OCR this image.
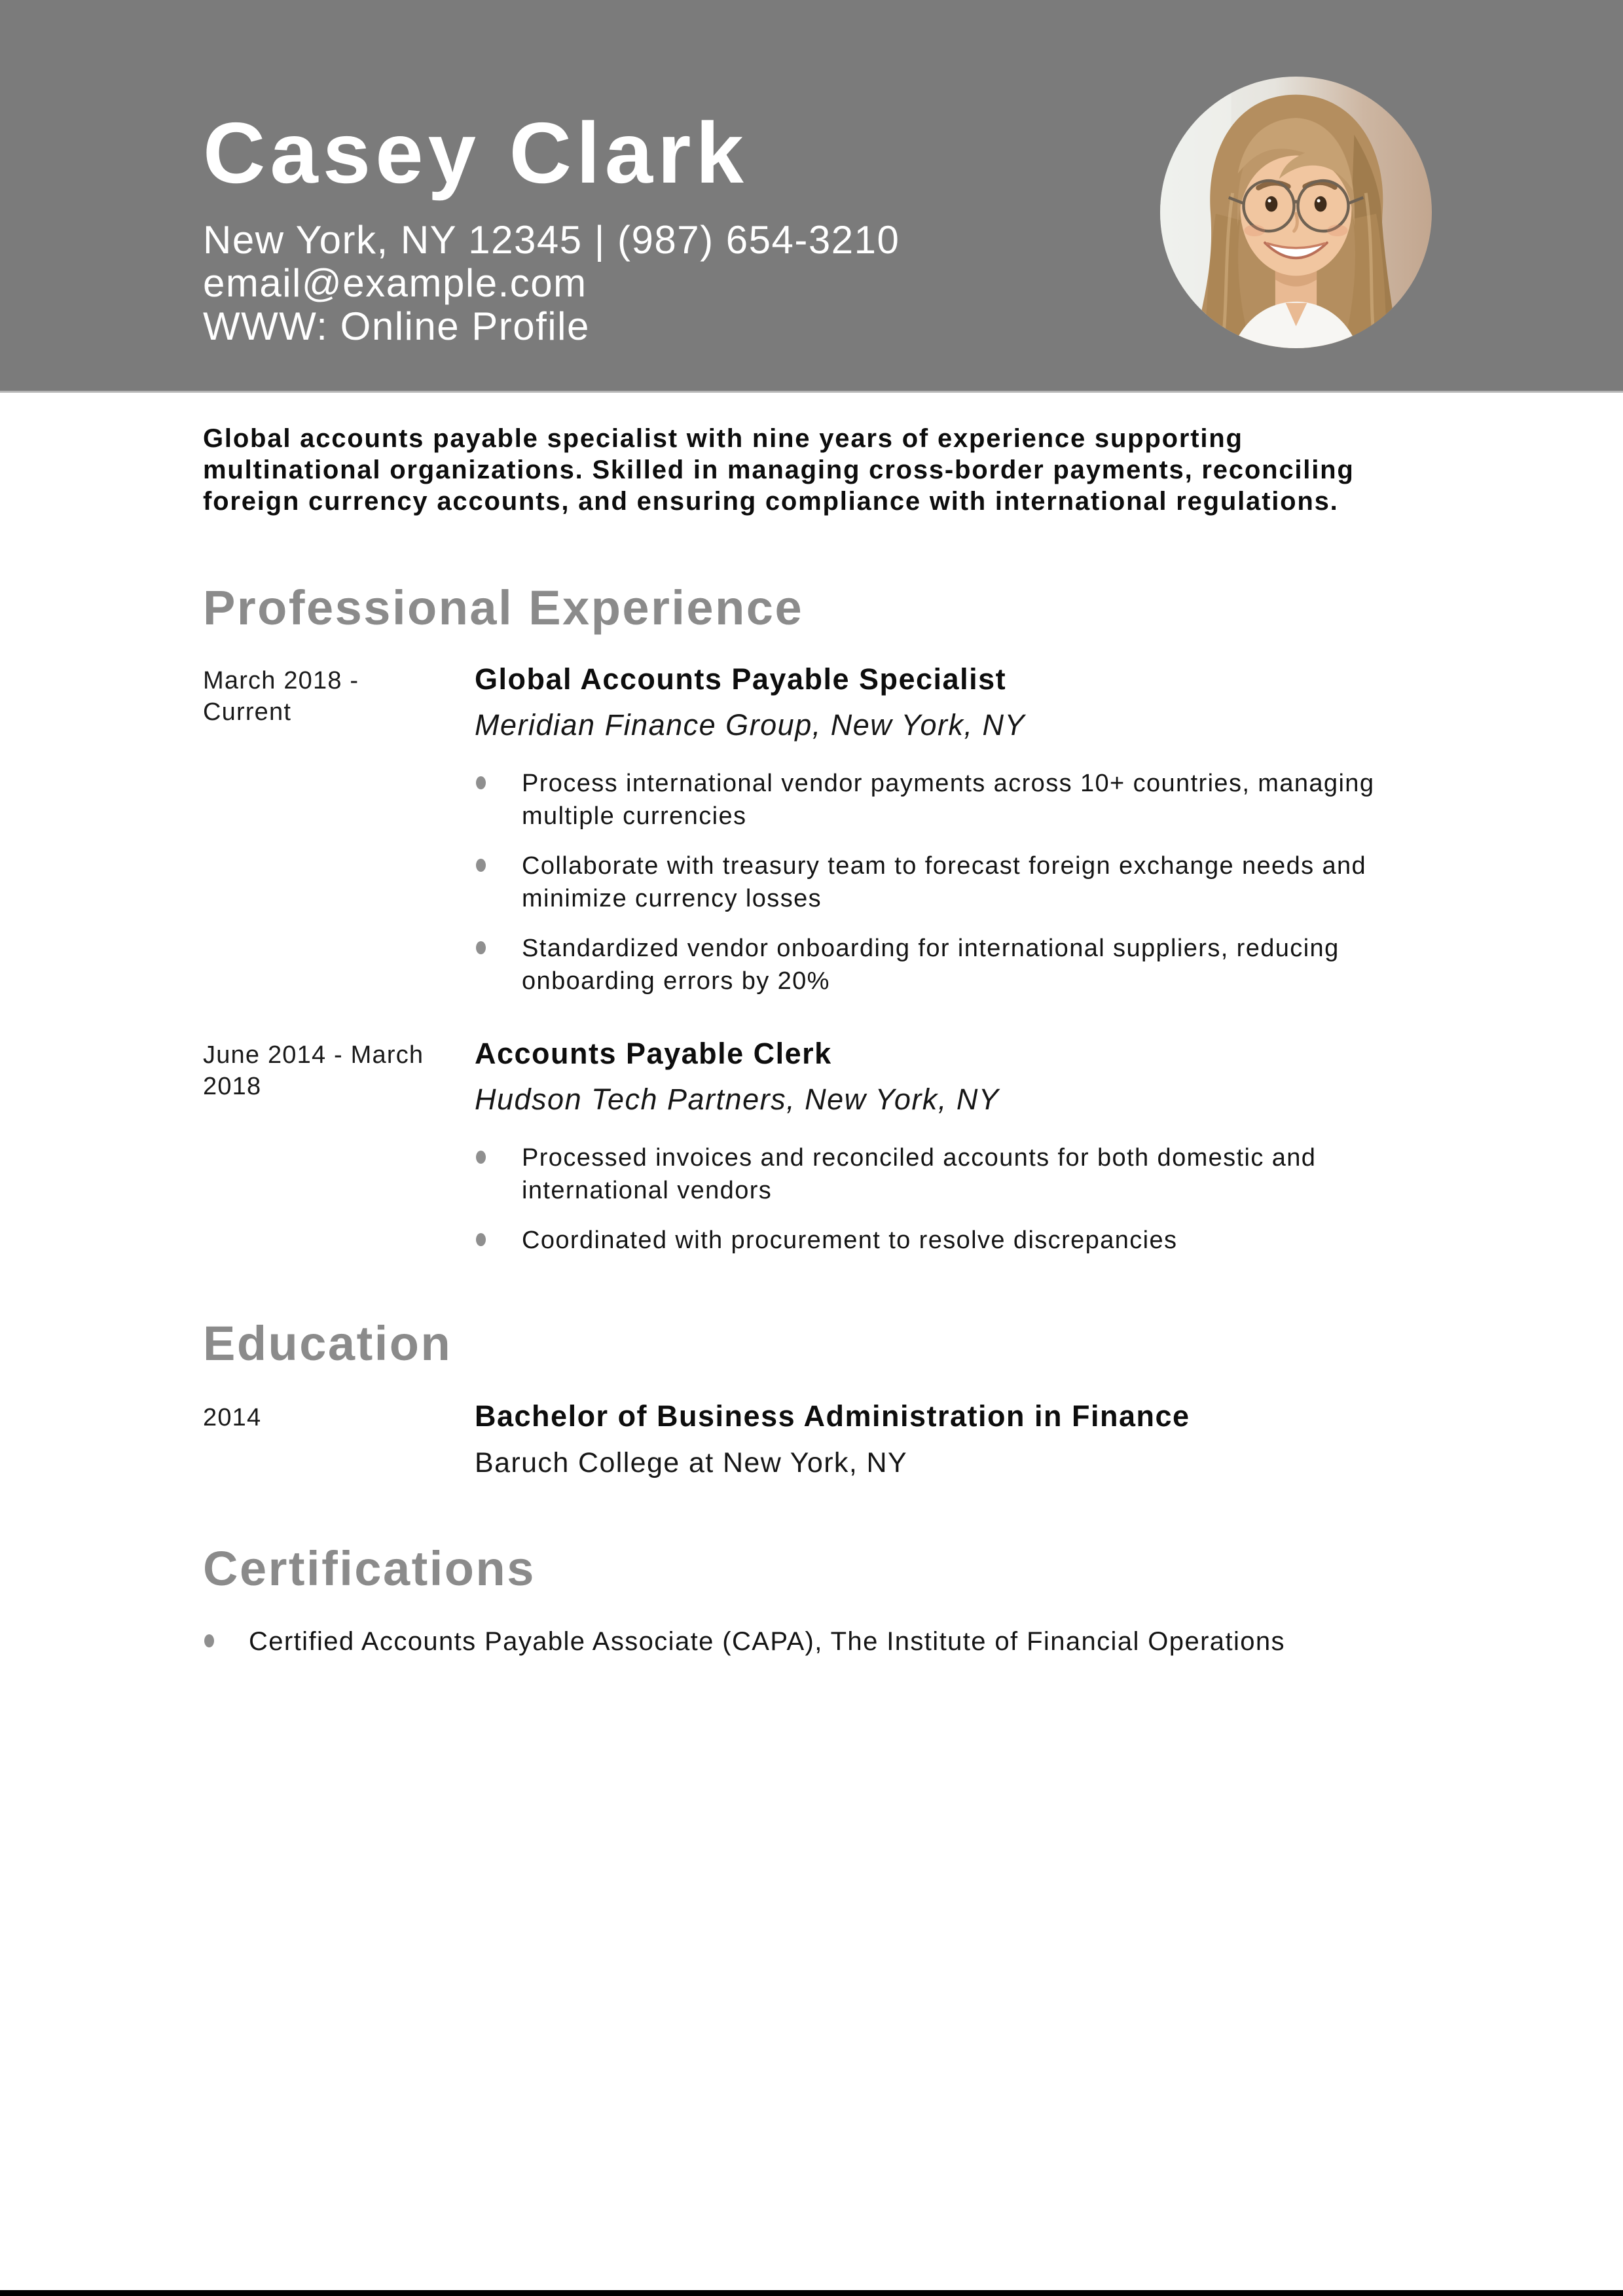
Casey Clark
New York, NY 12345 | (987) 654-3210
email@example.com
WWW: Online Profile

Global accounts payable specialist with nine years of experience supporting multinational organizations. Skilled in managing cross-border payments, reconciling foreign currency accounts, and ensuring compliance with international regulations.

Professional Experience
March 2018 - Current
Global Accounts Payable Specialist
Meridian Finance Group, New York, NY
Process international vendor payments across 10+ countries, managing multiple currencies
Collaborate with treasury team to forecast foreign exchange needs and minimize currency losses
Standardized vendor onboarding for international suppliers, reducing onboarding errors by 20%
June 2014 - March 2018
Accounts Payable Clerk
Hudson Tech Partners, New York, NY
Processed invoices and reconciled accounts for both domestic and international vendors
Coordinated with procurement to resolve discrepancies
Education
2014	Bachelor of Business Administration in Finance
Baruch College at New York, NY
Certifications
Certified Accounts Payable Associate (CAPA), The Institute of Financial Operations
